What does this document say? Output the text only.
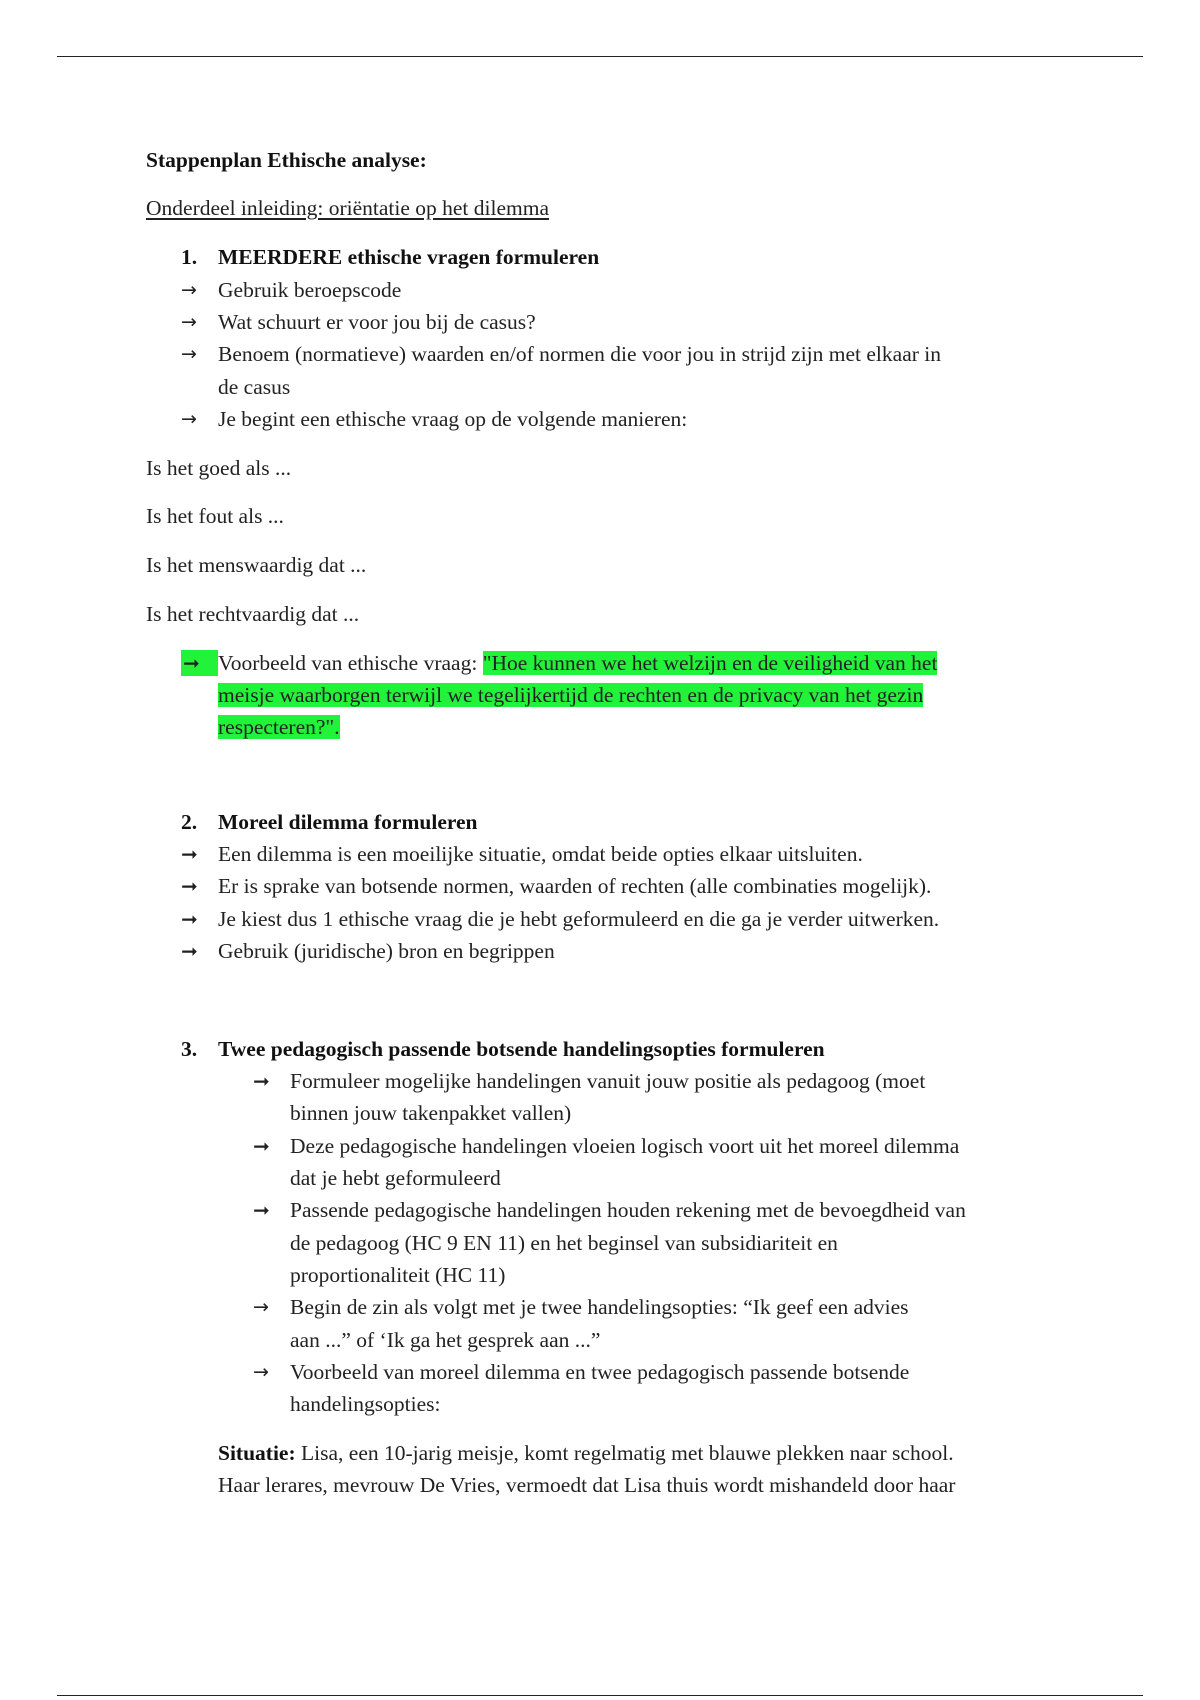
Stappenplan Ethische analyse:

Onderdeel inleiding: oriëntatie op het dilemma

1. MEERDERE ethische vragen formuleren

→ Gebruik beroepscode

→ Wat schuurt er voor jou bij de casus?

→ Benoem (normatieve) waarden en/of normen die voor jou in strijd zijn met elkaar in

de casus

→ Je begint een ethische vraag op de volgende manieren:

Is het goed als ...

Is het fout als ...

Is het menswaardig dat ...

Is het rechtvaardig dat ...

➞ Voorbeeld van ethische vraag: "Hoe kunnen we het welzijn en de veiligheid van het

meisje waarborgen terwijl we tegelijkertijd de rechten en de privacy van het gezin

respecteren?".

2. Moreel dilemma formuleren

➞ Een dilemma is een moeilijke situatie, omdat beide opties elkaar uitsluiten.

➞ Er is sprake van botsende normen, waarden of rechten (alle combinaties mogelijk).

➞ Je kiest dus 1 ethische vraag die je hebt geformuleerd en die ga je verder uitwerken.

➞ Gebruik (juridische) bron en begrippen

3. Twee pedagogisch passende botsende handelingsopties formuleren

➞ Formuleer mogelijke handelingen vanuit jouw positie als pedagoog (moet

binnen jouw takenpakket vallen)

➞ Deze pedagogische handelingen vloeien logisch voort uit het moreel dilemma

dat je hebt geformuleerd

➞ Passende pedagogische handelingen houden rekening met de bevoegdheid van

de pedagoog (HC 9 EN 11) en het beginsel van subsidiariteit en

proportionaliteit (HC 11)

→ Begin de zin als volgt met je twee handelingsopties: “Ik geef een advies

aan ...” of ‘Ik ga het gesprek aan ...”

→ Voorbeeld van moreel dilemma en twee pedagogisch passende botsende

handelingsopties:

Situatie: Lisa, een 10-jarig meisje, komt regelmatig met blauwe plekken naar school.

Haar lerares, mevrouw De Vries, vermoedt dat Lisa thuis wordt mishandeld door haar
